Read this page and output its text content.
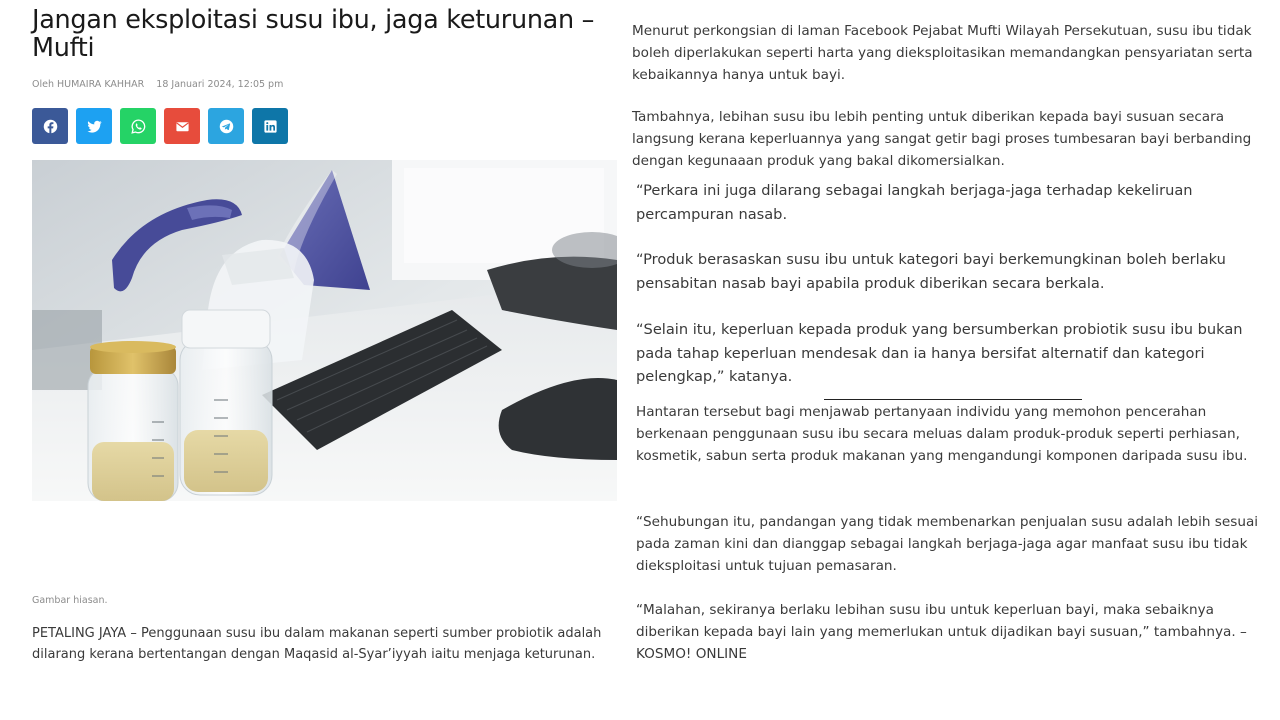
Jangan eksploitasi susu ibu, jaga keturunan – Mufti
Oleh HUMAIRA KAHHAR 18 Januari 2024, 12:05 pm
Gambar hiasan.

PETALING JAYA – Penggunaan susu ibu dalam makanan seperti sumber probiotik adalah dilarang kerana bertentangan dengan Maqasid al-Syar’iyyah iaitu menjaga keturunan.

Menurut perkongsian di laman Facebook Pejabat Mufti Wilayah Persekutuan, susu ibu tidak boleh diperlakukan seperti harta yang dieksploitasikan memandangkan pensyariatan serta kebaikannya hanya untuk bayi.

Tambahnya, lebihan susu ibu lebih penting untuk diberikan kepada bayi susuan secara langsung kerana keperluannya yang sangat getir bagi proses tumbesaran bayi berbanding dengan kegunaaan produk yang bakal dikomersialkan.

“Perkara ini juga dilarang sebagai langkah berjaga-jaga terhadap kekeliruan percampuran nasab.

“Produk berasaskan susu ibu untuk kategori bayi berkemungkinan boleh berlaku pensabitan nasab bayi apabila produk diberikan secara berkala.

“Selain itu, keperluan kepada produk yang bersumberkan probiotik susu ibu bukan pada tahap keperluan mendesak dan ia hanya bersifat alternatif dan kategori pelengkap,” katanya.

Hantaran tersebut bagi menjawab pertanyaan individu yang memohon pencerahan berkenaan penggunaan susu ibu secara meluas dalam produk-produk seperti perhiasan, kosmetik, sabun serta produk makanan yang mengandungi komponen daripada susu ibu.

“Sehubungan itu, pandangan yang tidak membenarkan penjualan susu adalah lebih sesuai pada zaman kini dan dianggap sebagai langkah berjaga-jaga agar manfaat susu ibu tidak dieksploitasi untuk tujuan pemasaran.

“Malahan, sekiranya berlaku lebihan susu ibu untuk keperluan bayi, maka sebaiknya diberikan kepada bayi lain yang memerlukan untuk dijadikan bayi susuan,” tambahnya. – KOSMO! ONLINE
